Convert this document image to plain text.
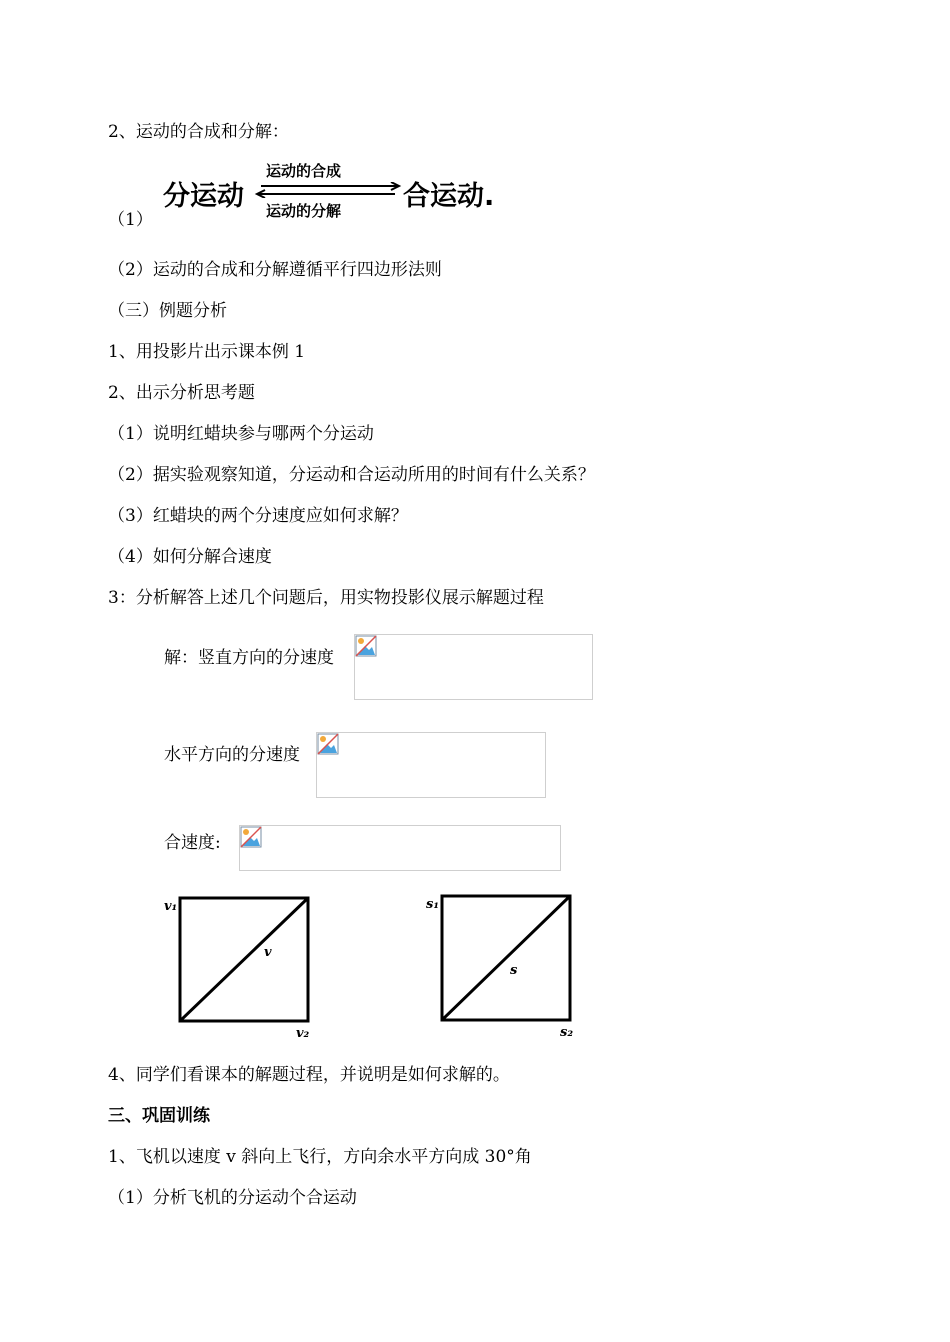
2、运动的合成和分解：
分运动
运动的合成
运动的分解 合运动.
（1）
（2）运动的合成和分解遵循平行四边形法则
（三）例题分析
1、用投影片出示课本例 1
2、出示分析思考题
（1）说明红蜡块参与哪两个分运动
（2）据实验观察知道，分运动和合运动所用的时间有什么关系？
（3）红蜡块的两个分速度应如何求解？
（4）如何分解合速度
3：分析解答上述几个问题后，用实物投影仪展示解题过程
解：竖直方向的分速度
水平方向的分速度
合速度:
v₁
v
v₂
s₁
s
s₂
4、同学们看课本的解题过程，并说明是如何求解的。
三、巩固训练
1、飞机以速度 v 斜向上飞行，方向余水平方向成 30°角
（1）分析飞机的分运动个合运动
